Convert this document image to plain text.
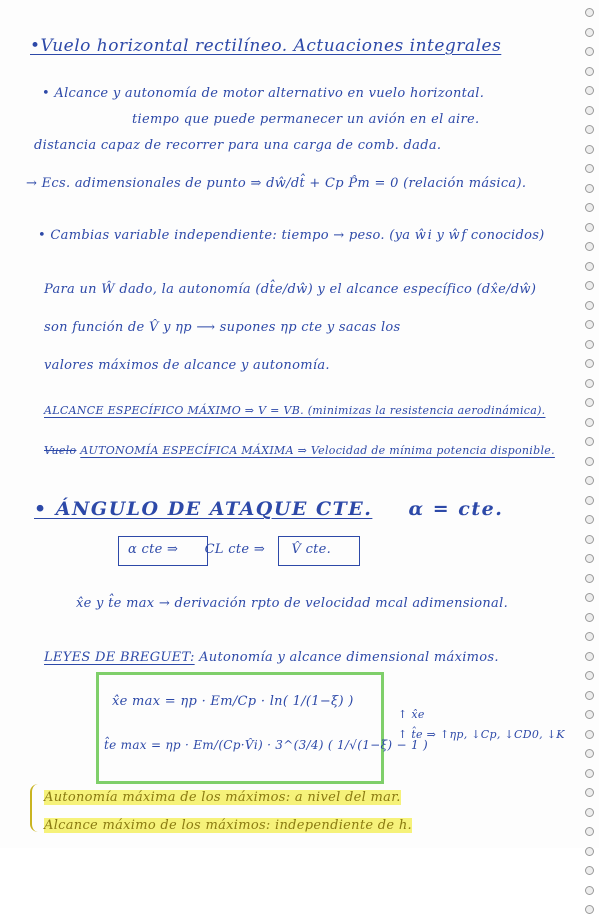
•Vuelo horizontal rectilíneo. Actuaciones integrales
• Alcance y autonomía de motor alternativo en vuelo horizontal.
tiempo que puede permanecer un avión en el aire.
distancia capaz de recorrer para una carga de comb. dada.
→ Ecs. adimensionales de punto ⇒ dŵ/dt̂ + Cp P̂m = 0 (relación másica).
• Cambias variable independiente: tiempo → peso. (ya ŵi y ŵf conocidos)
Para un Ŵ dado, la autonomía (dt̂e/dŵ) y el alcance específico (dx̂e/dŵ)
son función de V̂ y ηp ⟶ supones ηp cte y sacas los
valores máximos de alcance y autonomía.
ALCANCE ESPECÍFICO MÁXIMO ⇒ V = VB. (minimizas la resistencia aerodinámica).
Vuelo AUTONOMÍA ESPECÍFICA MÁXIMA ⇒ Velocidad de mínima potencia disponible.
• ÁNGULO DE ATAQUE CTE. α = cte.
α cte ⇒ CL cte ⇒ V̂ cte.
x̂e y t̂e max → derivación rpto de velocidad mcal adimensional.
LEYES DE BREGUET: Autonomía y alcance dimensional máximos.
x̂e max = ηp · Em/Cp · ln( 1/(1−ξ) )
t̂e max = ηp · Em/(Cp·V̂i) · 3^(3/4) ( 1/√(1−ξ) − 1 )
↑ x̂e
↑ t̂e ⇒ ↑ηp, ↓Cp, ↓CD0, ↓K
Autonomía máxima de los máximos: a nivel del mar.
Alcance máximo de los máximos: independiente de h.
